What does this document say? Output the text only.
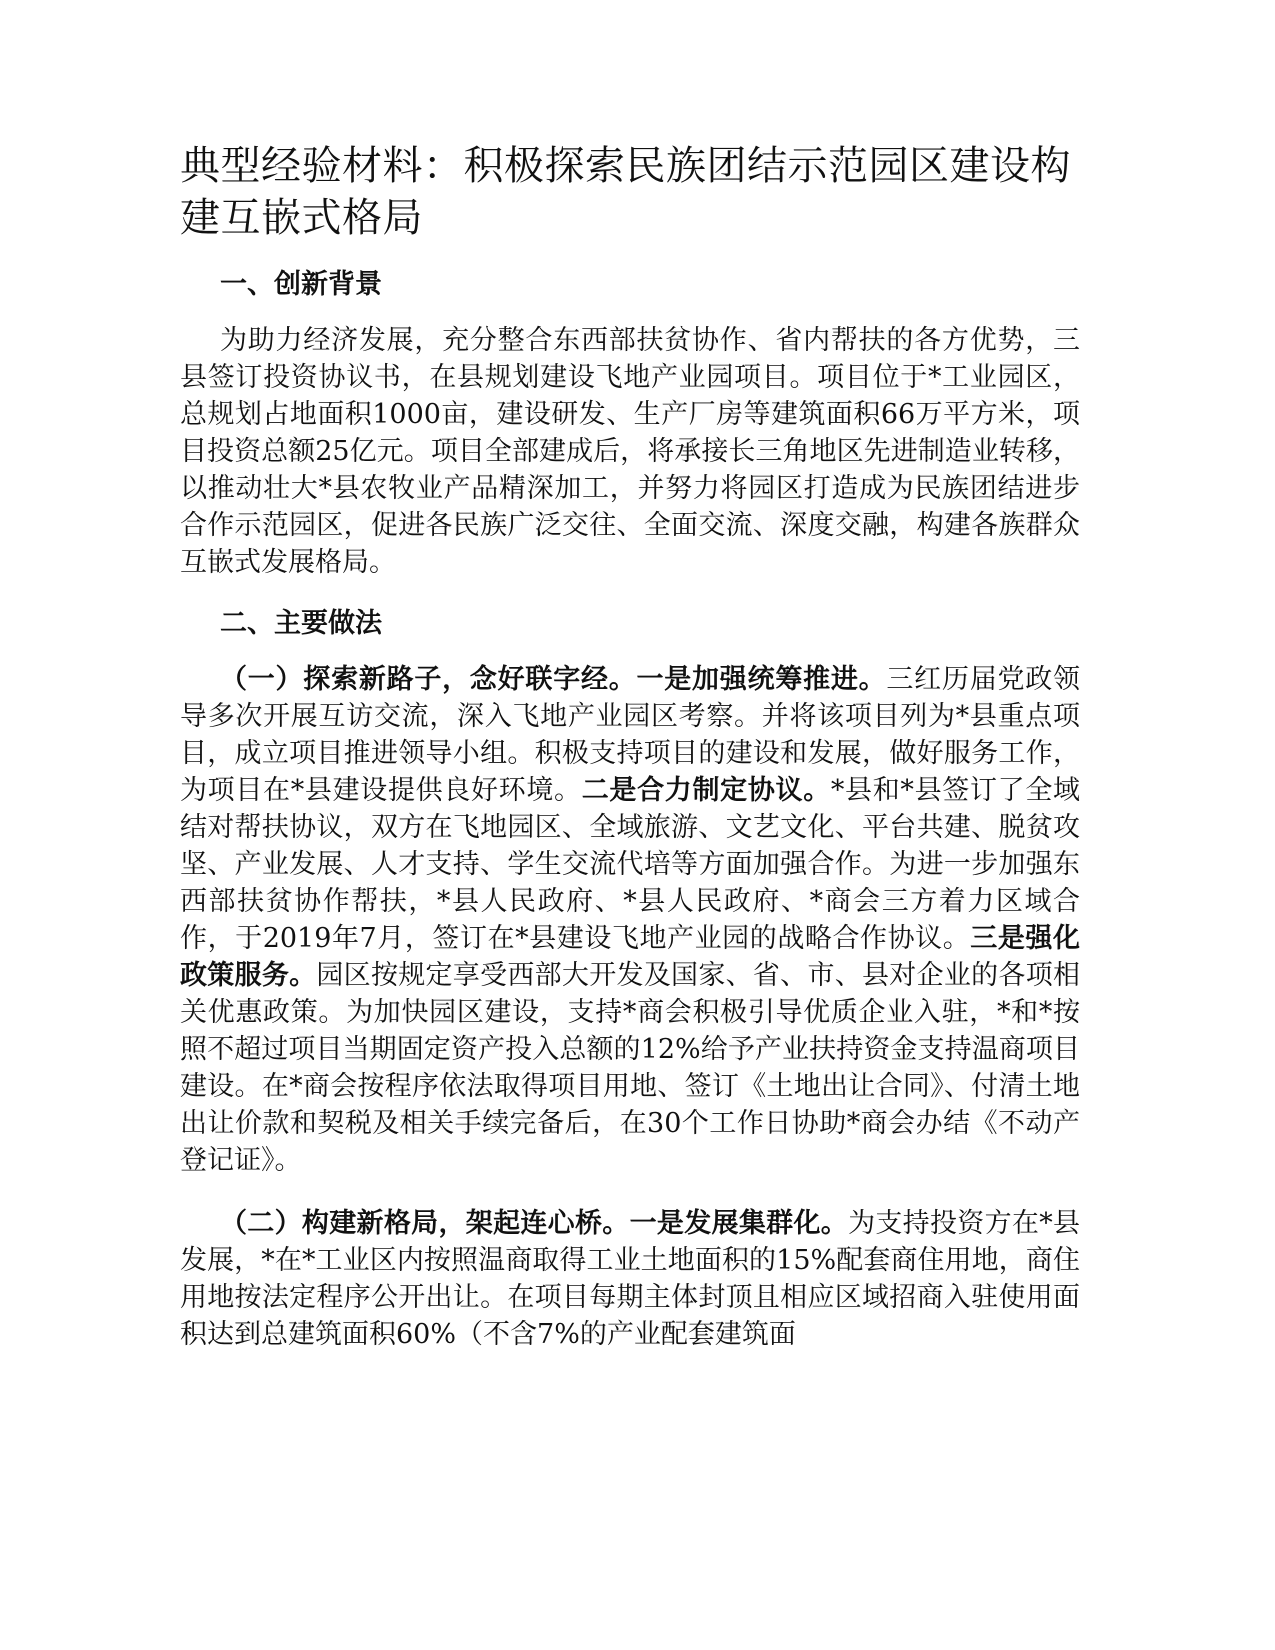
典型经验材料：积极探索民族团结示范园区建设构建互嵌式格局
一、创新背景

为助力经济发展，充分整合东西部扶贫协作、省内帮扶的各方优势，三县签订投资协议书，在县规划建设飞地产业园项目。项目位于*工业园区，总规划占地面积1000亩，建设研发、生产厂房等建筑面积66万平方米，项目投资总额25亿元。项目全部建成后，将承接长三角地区先进制造业转移，以推动壮大*县农牧业产品精深加工，并努力将园区打造成为民族团结进步合作示范园区，促进各民族广泛交往、全面交流、深度交融，构建各族群众互嵌式发展格局。

二、主要做法

（一）探索新路子，念好联字经。一是加强统筹推进。三红历届党政领导多次开展互访交流，深入飞地产业园区考察。并将该项目列为*县重点项目，成立项目推进领导小组。积极支持项目的建设和发展，做好服务工作，为项目在*县建设提供良好环境。二是合力制定协议。*县和*县签订了全域结对帮扶协议，双方在飞地园区、全域旅游、文艺文化、平台共建、脱贫攻坚、产业发展、人才支持、学生交流代培等方面加强合作。为进一步加强东西部扶贫协作帮扶，*县人民政府、*县人民政府、*商会三方着力区域合作，于2019年7月，签订在*县建设飞地产业园的战略合作协议。三是强化政策服务。园区按规定享受西部大开发及国家、省、市、县对企业的各项相关优惠政策。为加快园区建设，支持*商会积极引导优质企业入驻，*和*按照不超过项目当期固定资产投入总额的12%给予产业扶持资金支持温商项目建设。在*商会按程序依法取得项目用地、签订《土地出让合同》、付清土地出让价款和契税及相关手续完备后，在30个工作日协助*商会办结《不动产登记证》。

（二）构建新格局，架起连心桥。一是发展集群化。为支持投资方在*县发展，*在*工业区内按照温商取得工业土地面积的15%配套商住用地，商住用地按法定程序公开出让。在项目每期主体封顶且相应区域招商入驻使用面积达到总建筑面积60%（不含7%的产业配套建筑面
